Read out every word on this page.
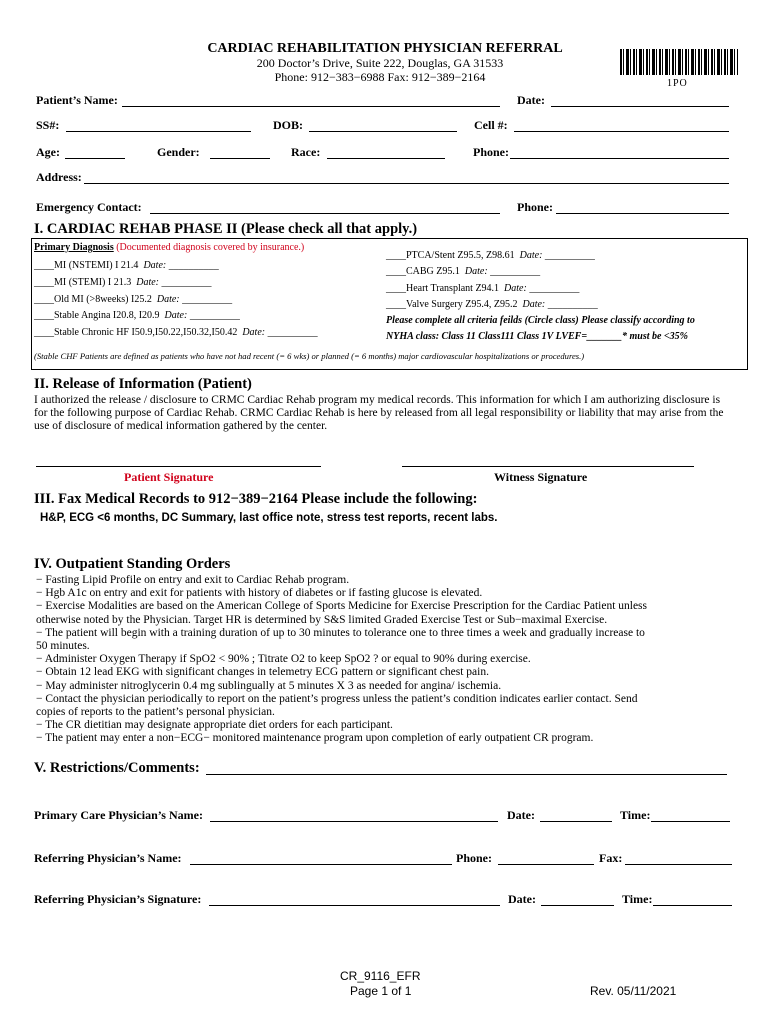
CARDIAC REHABILITATION PHYSICIAN REFERRAL
200 Doctor’s Drive, Suite 222, Douglas, GA 31533
Phone: 912−383−6988 Fax: 912−389−2164	1PO
Patient’s Name:	Date:
SS#:	DOB:	Cell #:
Age:	Gender:	Race:	Phone:
Address:
Emergency Contact:	Phone:
I. CARDIAC REHAB PHASE II (Please check all that apply.)
Primary Diagnosis (Documented diagnosis covered by insurance.)
____MI (NSTEMI) I 21.4 Date: __________
____MI (STEMI) I 21.3 Date: __________
____Old MI (>8weeks) I25.2 Date: __________
____Stable Angina I20.8, I20.9 Date: __________
____Stable Chronic HF I50.9,I50.22,I50.32,I50.42 Date: __________
____PTCA/Stent Z95.5, Z98.61 Date: __________
____CABG Z95.1 Date: __________
____Heart Transplant Z94.1 Date: __________
____Valve Surgery Z95.4, Z95.2 Date: __________
Please complete all criteria feilds (Circle class) Please classify according to
NYHA class: Class 11 Class111 Class 1V LVEF=_______* must be <35%
(Stable CHF Patients are defined as patients who have not had recent (= 6 wks) or planned (= 6 months) major cardiovascular hospitalizations or procedures.)
II. Release of Information (Patient)
I authorized the release / disclosure to CRMC Cardiac Rehab program my medical records. This information for which I am authorizing disclosure is for the following purpose of Cardiac Rehab. CRMC Cardiac Rehab is here by released from all legal responsibility or liability that may arise from the use of disclosure of medical information gathered by the center.
Patient Signature	Witness Signature
III. Fax Medical Records to 912−389−2164 Please include the following:
H&P, ECG <6 months, DC Summary, last office note, stress test reports, recent labs.
IV. Outpatient Standing Orders
− Fasting Lipid Profile on entry and exit to Cardiac Rehab program.
− Hgb A1c on entry and exit for patients with history of diabetes or if fasting glucose is elevated.
− Exercise Modalities are based on the American College of Sports Medicine for Exercise Prescription for the Cardiac Patient unless
otherwise noted by the Physician. Target HR is determined by S&S limited Graded Exercise Test or Sub−maximal Exercise.
− The patient will begin with a training duration of up to 30 minutes to tolerance one to three times a week and gradually increase to
50 minutes.
− Administer Oxygen Therapy if SpO2 < 90% ; Titrate O2 to keep SpO2 ? or equal to 90% during exercise.
− Obtain 12 lead EKG with significant changes in telemetry ECG pattern or significant chest pain.
− May administer nitroglycerin 0.4 mg sublingually at 5 minutes X 3 as needed for angina/ ischemia.
− Contact the physician periodically to report on the patient’s progress unless the patient’s condition indicates earlier contact. Send
copies of reports to the patient’s personal physician.
− The CR dietitian may designate appropriate diet orders for each participant.
− The patient may enter a non−ECG− monitored maintenance program upon completion of early outpatient CR program.
V. Restrictions/Comments:
Primary Care Physician’s Name:	Date:	Time:
Referring Physician’s Name:	Phone:	Fax:
Referring Physician’s Signature:	Date:	Time:
CR_9116_EFR
Page 1 of 1	Rev. 05/11/2021
